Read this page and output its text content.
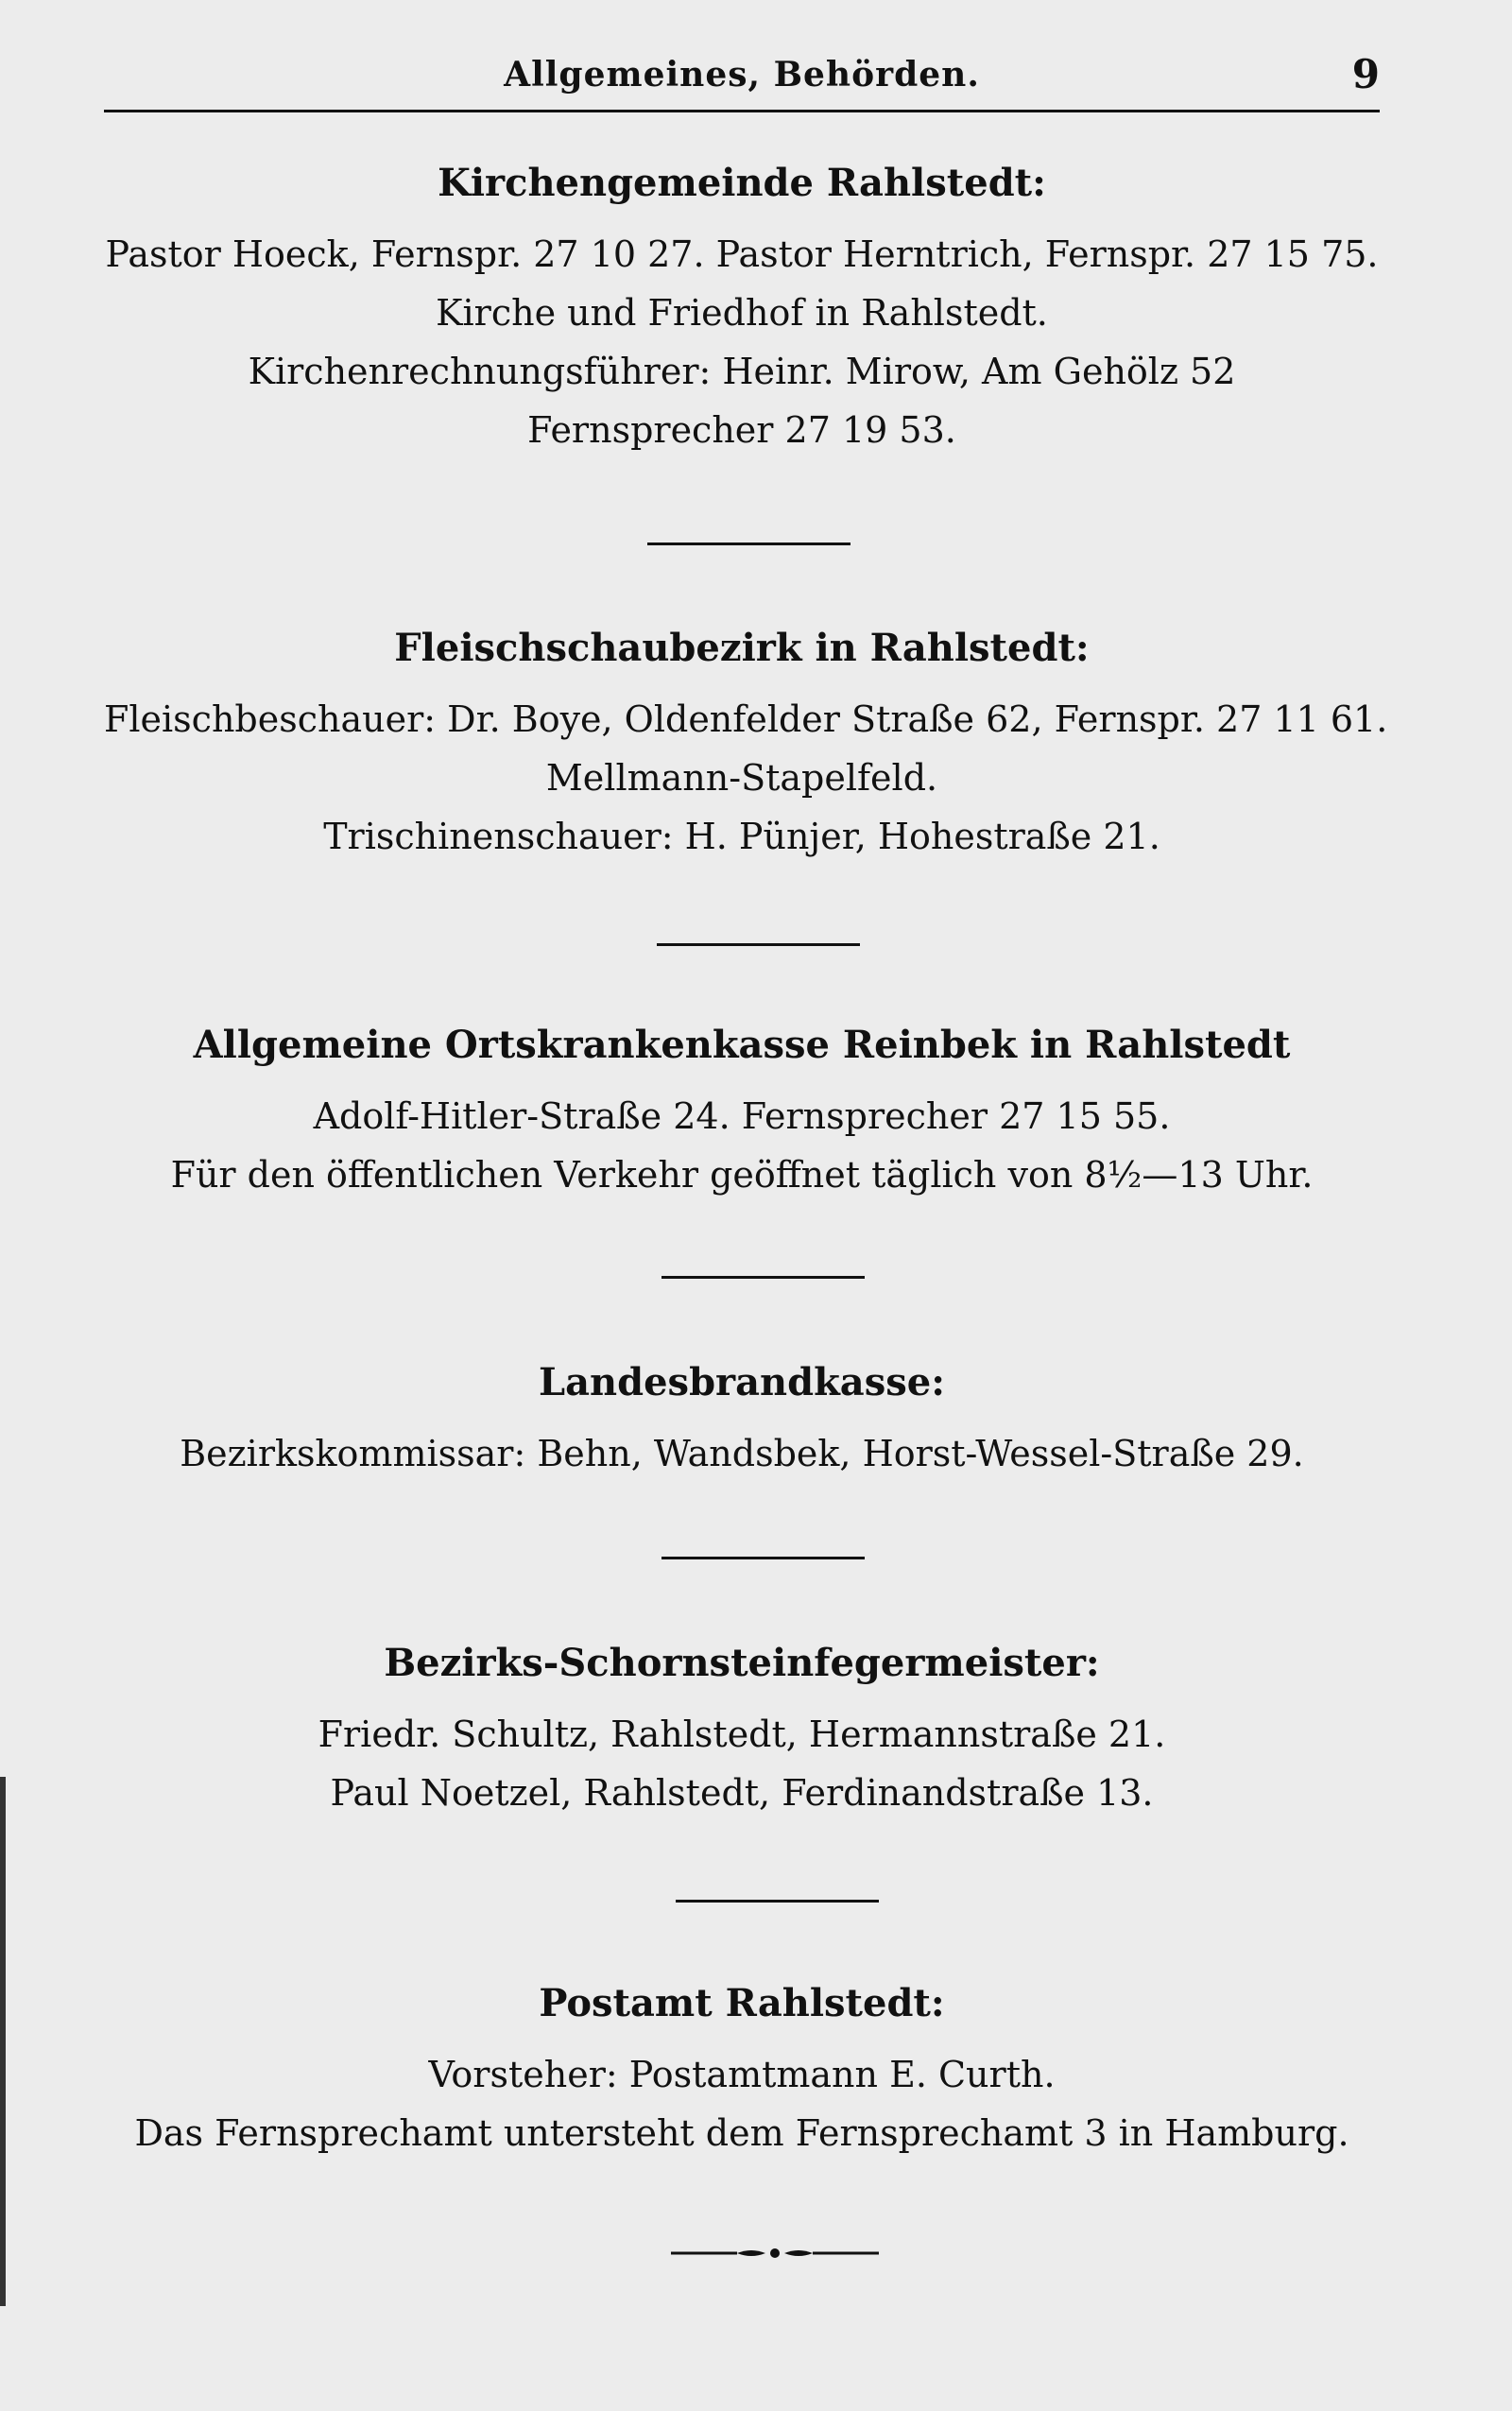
Allgemeines, Behörden.	9
Kirchengemeinde Rahlstedt:
Pastor Hoeck, Fernspr. 27 10 27. Pastor Herntrich, Fernspr. 27 15 75.
Kirche und Friedhof in Rahlstedt.
Kirchenrechnungsführer: Heinr. Mirow, Am Gehölz 52
Fernsprecher 27 19 53.
Fleischschaubezirk in Rahlstedt:
Fleischbeschauer: Dr. Boye, Oldenfelder Straße 62, Fernspr. 27 11 61.
Mellmann-Stapelfeld.
Trischinenschauer: H. Pünjer, Hohestraße 21.
Allgemeine Ortskrankenkasse Reinbek in Rahlstedt
Adolf-Hitler-Straße 24. Fernsprecher 27 15 55.
Für den öffentlichen Verkehr geöffnet täglich von 8½—13 Uhr.
Landesbrandkasse:
Bezirkskommissar: Behn, Wandsbek, Horst-Wessel-Straße 29.
Bezirks-Schornsteinfegermeister:
Friedr. Schultz, Rahlstedt, Hermannstraße 21.
Paul Noetzel, Rahlstedt, Ferdinandstraße 13.
Postamt Rahlstedt:
Vorsteher: Postamtmann E. Curth.
Das Fernsprechamt untersteht dem Fernsprechamt 3 in Hamburg.
